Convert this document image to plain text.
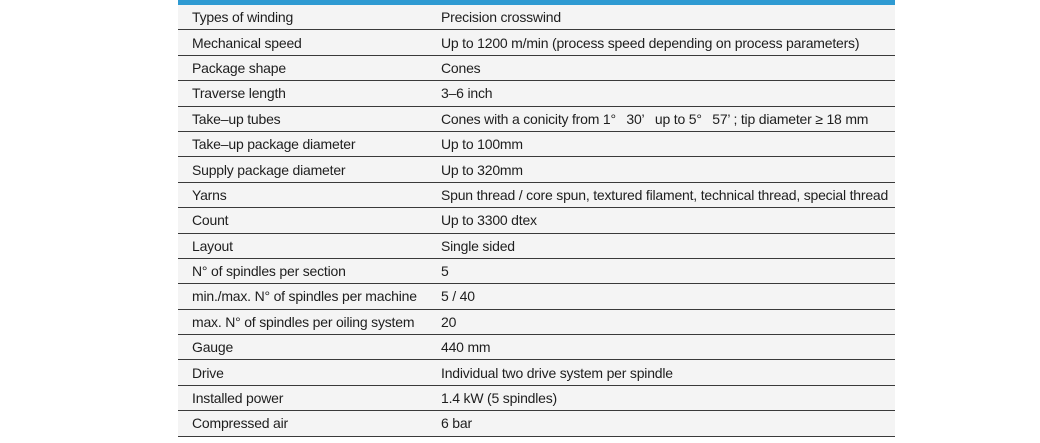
Types of winding	Precision crosswind
Mechanical speed	Up to 1200 m/min (process speed depending on process parameters)
Package shape	Cones
Traverse length	3–6 inch
Take–up tubes	Cones with a conicity from 1°  30’  up to 5°  57’ ; tip diameter ≥ 18 mm
Take–up package diameter	Up to 100mm
Supply package diameter	Up to 320mm
Yarns	Spun thread / core spun, textured filament, technical thread, special thread
Count	Up to 3300 dtex
Layout	Single sided
N° of spindles per section	5
min./max. N° of spindles per machine	5 / 40
max. N° of spindles per oiling system	20
Gauge	440 mm
Drive	Individual two drive system per spindle
Installed power	1.4 kW (5 spindles)
Compressed air	6 bar
